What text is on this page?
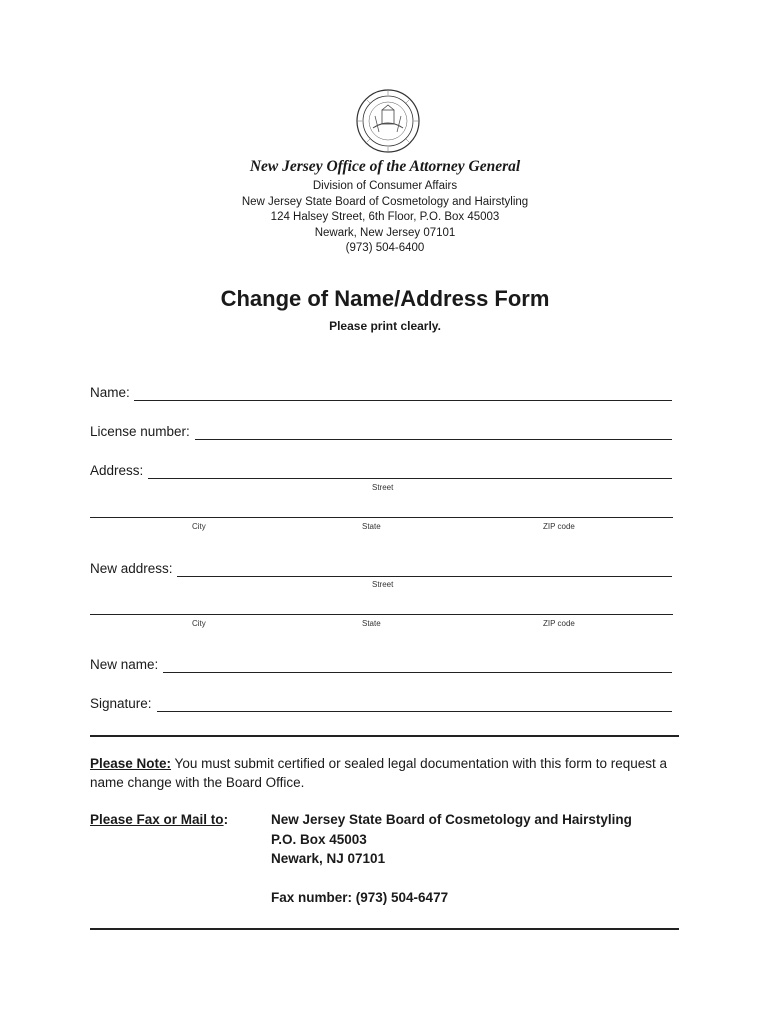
New Jersey Office of the Attorney General
Division of Consumer Affairs
New Jersey State Board of Cosmetology and Hairstyling
124 Halsey Street, 6th Floor, P.O. Box 45003
Newark, New Jersey 07101
(973) 504-6400
Change of Name/Address Form
Please print clearly.
Name:
License number:
Address:
Street
City	State	ZIP code
New address:
Street
City	State	ZIP code
New name:
Signature:
Please Note: You must submit certified or sealed legal documentation with this form to request a name change with the Board Office.
Please Fax or Mail to:	New Jersey State Board of Cosmetology and Hairstyling
P.O. Box 45003
Newark, NJ 07101
Fax number: (973) 504-6477
